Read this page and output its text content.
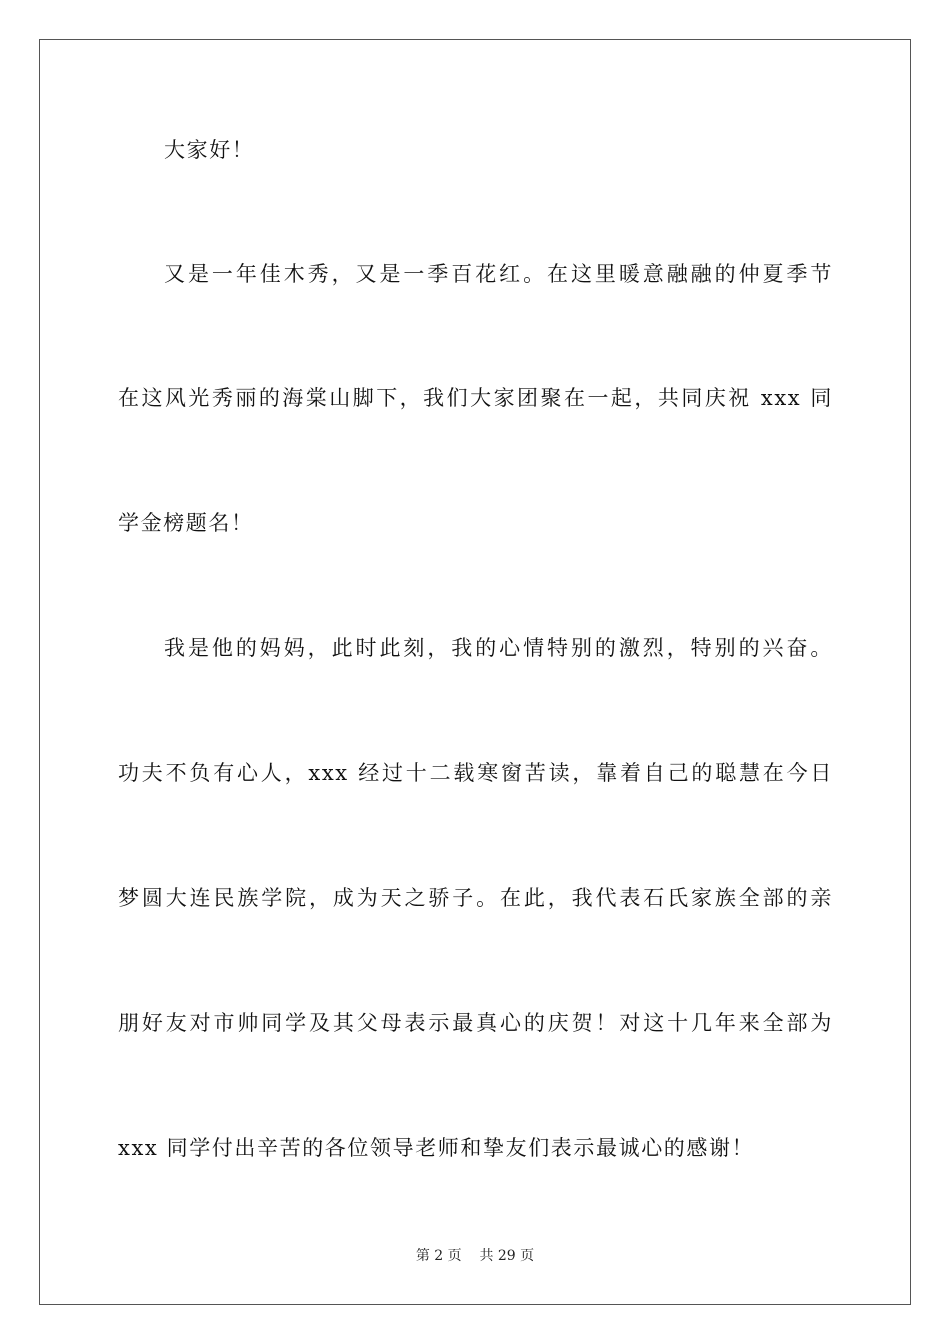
大家好！
又是一年佳木秀，又是一季百花红。在这里暖意融融的仲夏季节
在这风光秀丽的海棠山脚下，我们大家团聚在一起，共同庆祝 xxx 同
学金榜题名！
我是他的妈妈，此时此刻，我的心情特别的激烈，特别的兴奋。
功夫不负有心人，xxx 经过十二载寒窗苦读，靠着自己的聪慧在今日
梦圆大连民族学院，成为天之骄子。在此，我代表石氏家族全部的亲
朋好友对市帅同学及其父母表示最真心的庆贺！对这十几年来全部为
xxx 同学付出辛苦的各位领导老师和挚友们表示最诚心的感谢！
第 2 页 共 29 页
